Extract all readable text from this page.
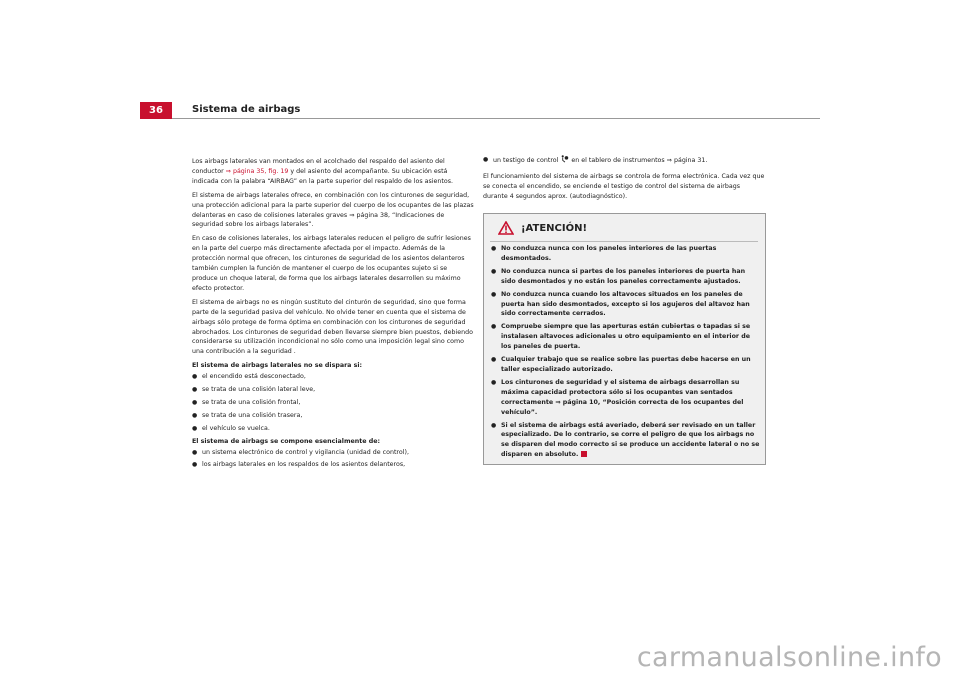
36	Sistema de airbags

Los airbags laterales van montados en el acolchado del respaldo del asiento del conductor ⇒ página 35, fig. 19 y del asiento del acompañante. Su ubicación está indicada con la palabra “AIRBAG” en la parte superior del respaldo de los asientos.

El sistema de airbags laterales ofrece, en combinación con los cinturones de seguridad, una protección adicional para la parte superior del cuerpo de los ocupantes de las plazas delanteras en caso de colisiones laterales graves ⇒ página 38, “Indicaciones de seguridad sobre los airbags laterales”.

En caso de colisiones laterales, los airbags laterales reducen el peligro de sufrir lesiones en la parte del cuerpo más directamente afectada por el impacto. Además de la protección normal que ofrecen, los cinturones de seguridad de los asientos delanteros también cumplen la función de mantener el cuerpo de los ocupantes sujeto si se produce un choque lateral, de forma que los airbags laterales desarrollen su máximo efecto protector.

El sistema de airbags no es ningún sustituto del cinturón de seguridad, sino que forma parte de la seguridad pasiva del vehículo. No olvide tener en cuenta que el sistema de airbags sólo protege de forma óptima en combinación con los cinturones de seguridad abrochados. Los cinturones de seguridad deben llevarse siempre bien puestos, debiendo considerarse su utilización incondicional no sólo como una imposición legal sino como una contribución a la seguridad .

El sistema de airbags laterales no se dispara si:

● el encendido está desconectado,
● se trata de una colisión lateral leve,
● se trata de una colisión frontal,
● se trata de una colisión trasera,
● el vehículo se vuelca.

El sistema de airbags se compone esencialmente de:

● un sistema electrónico de control y vigilancia (unidad de control),
● los airbags laterales en los respaldos de los asientos delanteros,
● un testigo de control  en el tablero de instrumentos ⇒ página 31.

El funcionamiento del sistema de airbags se controla de forma electrónica. Cada vez que se conecta el encendido, se enciende el testigo de control del sistema de airbags durante 4 segundos aprox. (autodiagnóstico).

¡ATENCIÓN!
● No conduzca nunca con los paneles interiores de las puertas desmontados.
● No conduzca nunca si partes de los paneles interiores de puerta han sido desmontados y no están los paneles correctamente ajustados.
● No conduzca nunca cuando los altavoces situados en los paneles de puerta han sido desmontados, excepto si los agujeros del altavoz han sido correctamente cerrados.
● Compruebe siempre que las aperturas están cubiertas o tapadas si se instalasen altavoces adicionales u otro equipamiento en el interior de los paneles de puerta.
● Cualquier trabajo que se realice sobre las puertas debe hacerse en un taller especializado autorizado.
● Los cinturones de seguridad y el sistema de airbags desarrollan su máxima capacidad protectora sólo si los ocupantes van sentados correctamente ⇒ página 10, “Posición correcta de los ocupantes del vehículo”.
● Si el sistema de airbags está averiado, deberá ser revisado en un taller especializado. De lo contrario, se corre el peligro de que los airbags no se disparen del modo correcto si se produce un accidente lateral o no se disparen en absoluto.
carmanualsonline.info
